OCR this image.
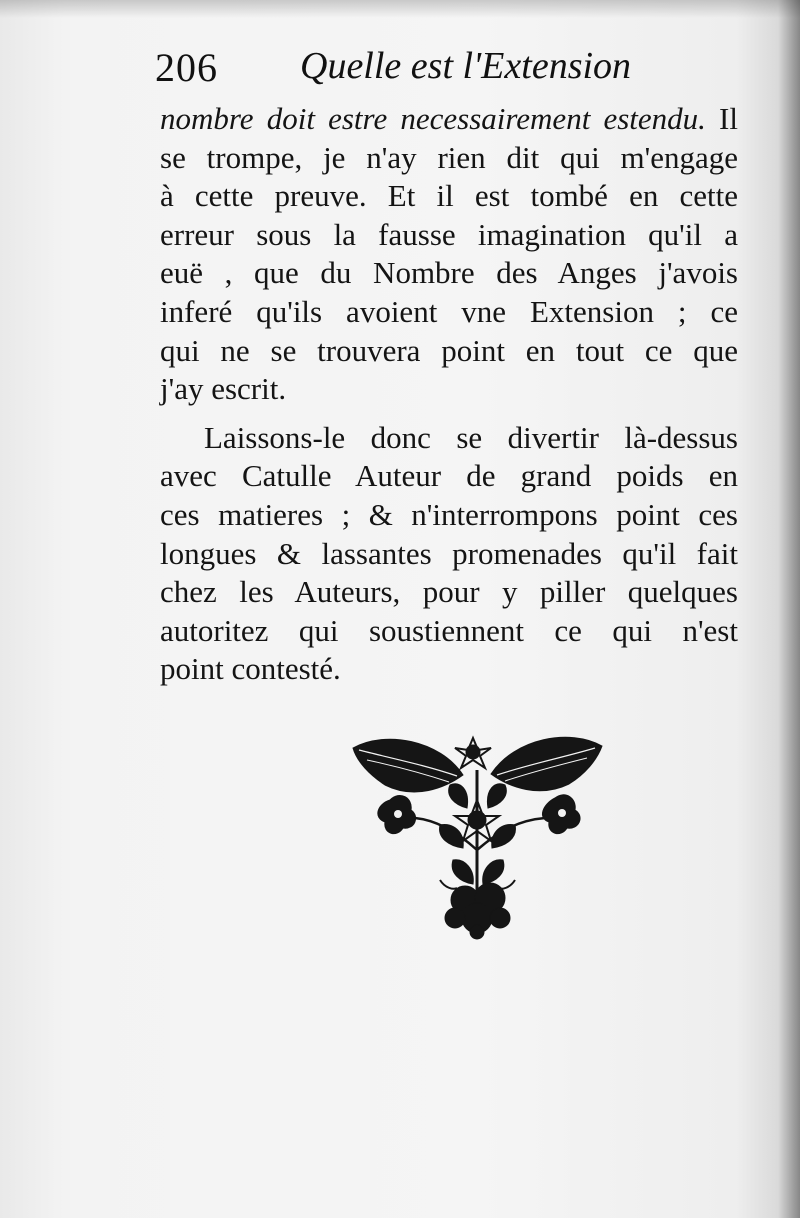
206 Quelle est l'Extension
nombre doit estre necessairement estendu. Il
se trompe, je n'ay rien dit qui m'engage
à cette preuve. Et il est tombé en cette
erreur sous la fausse imagination qu'il a
euë , que du Nombre des Anges j'avois
inferé qu'ils avoient vne Extension ; ce
qui ne se trouvera point en tout ce que
j'ay escrit.
Laissons-le donc se divertir là-dessus
avec Catulle Auteur de grand poids en
ces matieres ; & n'interrompons point ces
longues & lassantes promenades qu'il fait
chez les Auteurs, pour y piller quelques
autoritez qui soustiennent ce qui n'est
point contesté.
